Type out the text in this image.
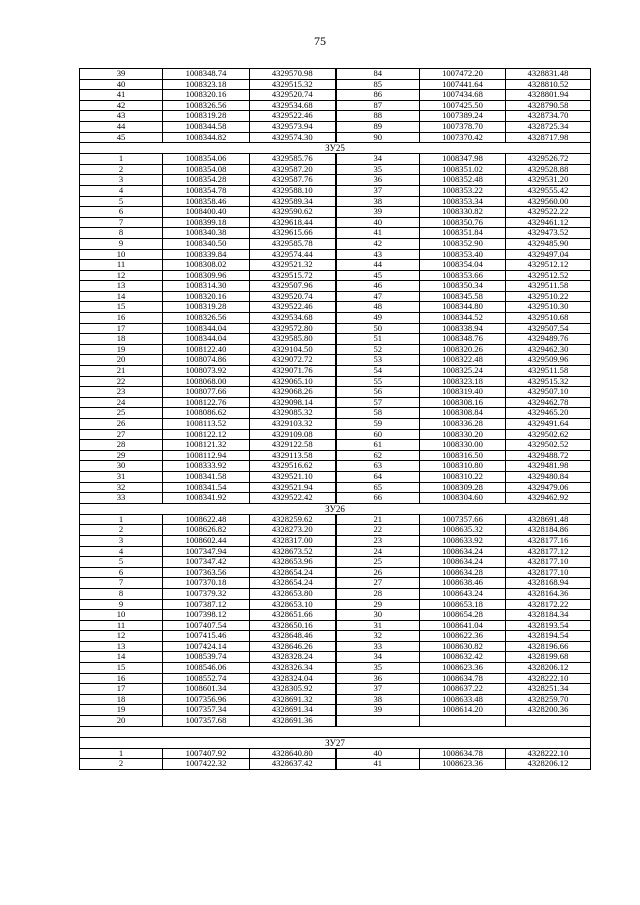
75
39	1008348.74	4329570.98	84	1007472.20	4328831.48
40	1008323.18	4329515.32	85	1007441.64	4328810.52
41	1008320.16	4329520.74	86	1007434.68	4328801.94
42	1008326.56	4329534.68	87	1007425.50	4328790.58
43	1008319.28	4329522.46	88	1007389.24	4328734.70
44	1008344.58	4329573.94	89	1007378.70	4328725.34
45	1008344.82	4329574.30	90	1007370.42	4328717.98
ЗУ25					
1	1008354.06	4329585.76	34	1008347.98	4329526.72
2	1008354.08	4329587.20	35	1008351.02	4329528.88
3	1008354.28	4329587.76	36	1008352.48	4329531.20
4	1008354.78	4329588.10	37	1008353.22	4329555.42
5	1008358.46	4329589.34	38	1008353.34	4329560.00
6	1008400.40	4329590.62	39	1008330.82	4329522.22
7	1008399.18	4329618.44	40	1008350.76	4329461.12
8	1008340.38	4329615.66	41	1008351.84	4329473.52
9	1008340.50	4329585.78	42	1008352.90	4329485.90
10	1008339.84	4329574.44	43	1008353.40	4329497.04
11	1008308.02	4329521.32	44	1008354.04	4329512.12
12	1008309.96	4329515.72	45	1008353.66	4329512.52
13	1008314.30	4329507.96	46	1008350.34	4329511.58
14	1008320.16	4329520.74	47	1008345.58	4329510.22
15	1008319.28	4329522.46	48	1008344.80	4329510.30
16	1008326.56	4329534.68	49	1008344.52	4329510.68
17	1008344.04	4329572.80	50	1008338.94	4329507.54
18	1008344.04	4329585.80	51	1008348.76	4329489.76
19	1008122.40	4329104.50	52	1008320.26	4329462.30
20	1008074.86	4329072.72	53	1008322.48	4329509.96
21	1008073.92	4329071.76	54	1008325.24	4329511.58
22	1008068.00	4329065.10	55	1008323.18	4329515.32
23	1008077.66	4329068.26	56	1008319.40	4329507.10
24	1008122.76	4329098.14	57	1008308.16	4329462.78
25	1008086.62	4329085.32	58	1008308.84	4329465.20
26	1008113.52	4329103.32	59	1008336.28	4329491.64
27	1008122.12	4329109.08	60	1008330.20	4329502.62
28	1008121.32	4329122.58	61	1008330.00	4329502.52
29	1008112.94	4329113.58	62	1008316.50	4329488.72
30	1008333.92	4329516.62	63	1008310.80	4329481.98
31	1008341.58	4329521.10	64	1008310.22	4329480.84
32	1008341.54	4329521.94	65	1008309.28	4329479.06
33	1008341.92	4329522.42	66	1008304.60	4329462.92
ЗУ26					
1	1008622.48	4328259.62	21	1007357.66	4328691.48
2	1008626.82	4328273.20	22	1008635.32	4328184.86
3	1008602.44	4328317.00	23	1008633.92	4328177.16
4	1007347.94	4328673.52	24	1008634.24	4328177.12
5	1007347.42	4328653.96	25	1008634.24	4328177.10
6	1007363.56	4328654.24	26	1008634.28	4328177.10
7	1007370.18	4328654.24	27	1008638.46	4328168.94
8	1007379.32	4328653.80	28	1008643.24	4328164.36
9	1007387.12	4328653.10	29	1008653.18	4328172.22
10	1007398.12	4328651.66	30	1008654.28	4328184.34
11	1007407.54	4328650.16	31	1008641.04	4328193.54
12	1007415.46	4328648.46	32	1008622.36	4328194.54
13	1007424.14	4328646.26	33	1008630.82	4328196.66
14	1008539.74	4328328.24	34	1008632.42	4328199.68
15	1008546.06	4328326.34	35	1008623.36	4328206.12
16	1008552.74	4328324.04	36	1008634.78	4328222.10
17	1008601.34	4328305.92	37	1008637.22	4328251.34
18	1007356.96	4328691.32	38	1008633.48	4328259.70
19	1007357.34	4328691.34	39	1008614.20	4328200.36
20	1007357.68	4328691.36			

ЗУ27					
1	1007407.92	4328640.80	40	1008634.78	4328222.10
2	1007422.32	4328637.42	41	1008623.36	4328206.12
